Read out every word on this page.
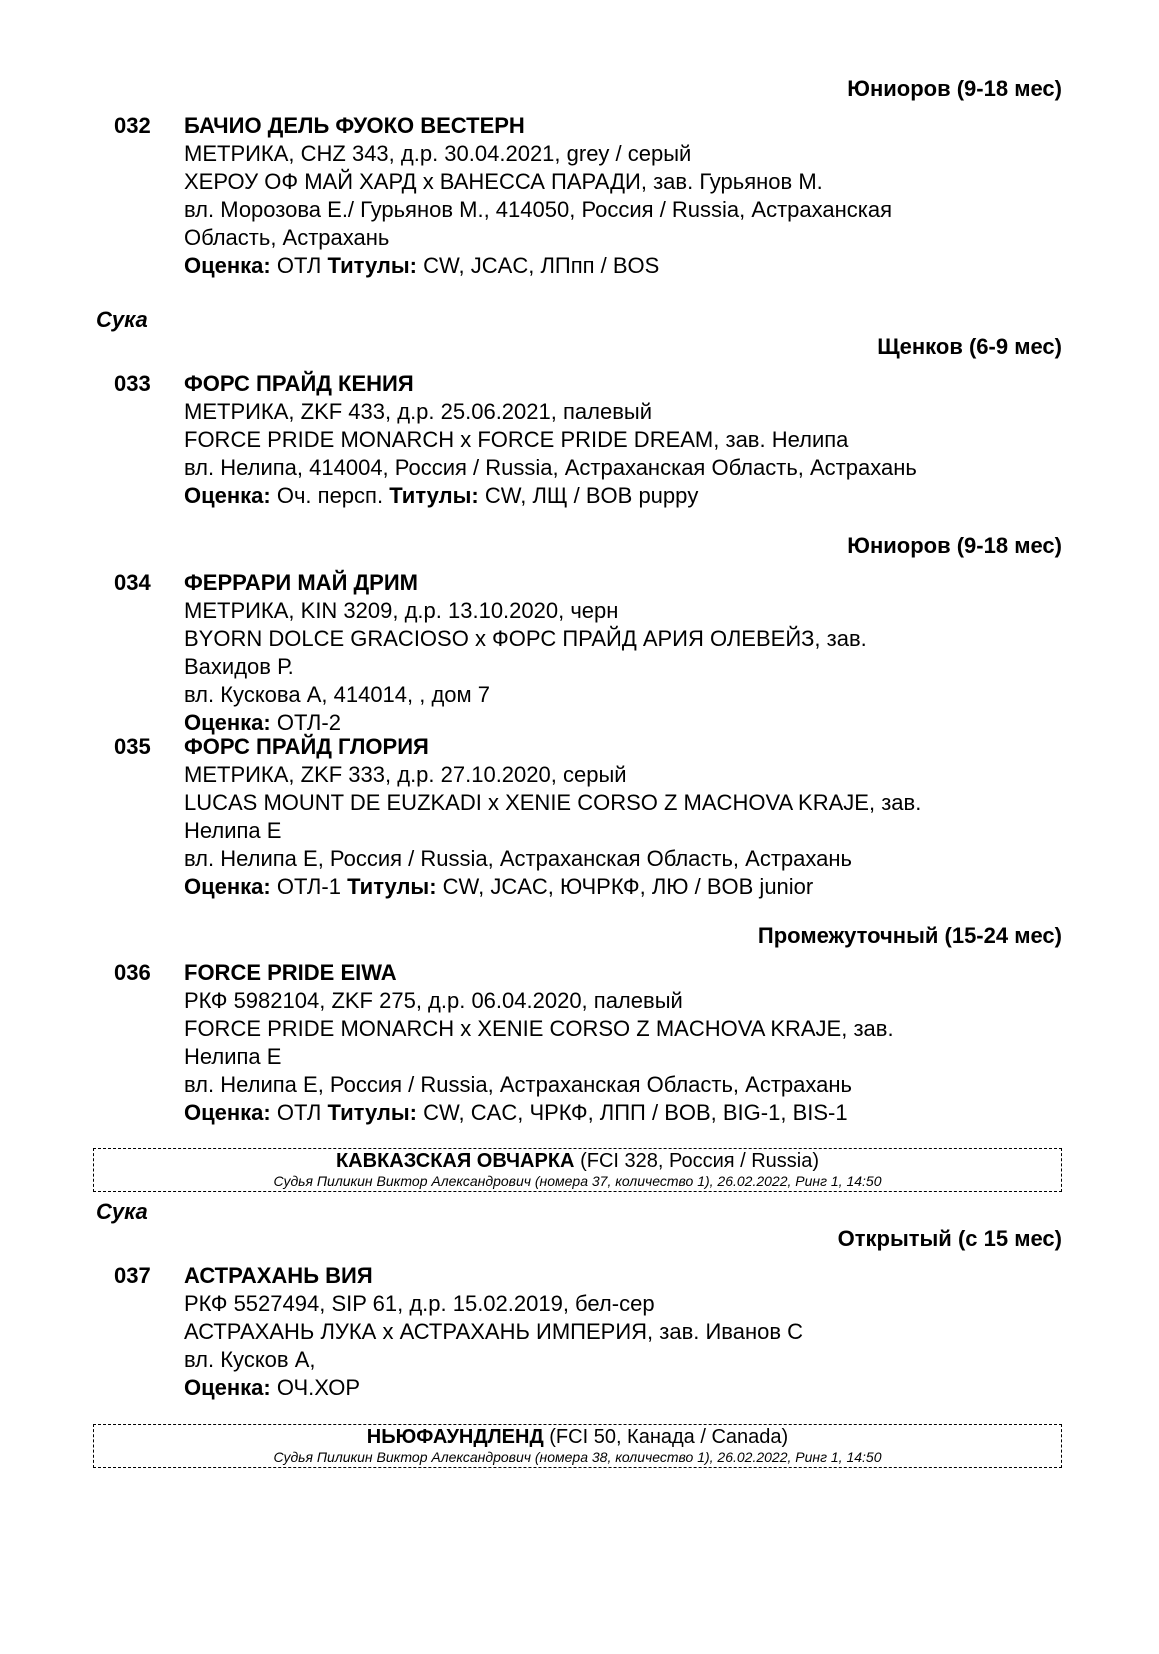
Юниоров (9-18 мес)
032 БАЧИО ДЕЛЬ ФУОКО ВЕСТЕРН
МЕТРИКА, CHZ 343, д.р. 30.04.2021, grey / серый
ХЕРОУ ОФ МАЙ ХАРД x ВАНЕССА ПАРАДИ, зав. Гурьянов М.
вл. Морозова Е./ Гурьянов М., 414050, Россия / Russia, Астраханская
Область, Астрахань
Оценка: ОТЛ Титулы: CW, JCAC, ЛПпп / BOS
Сука
Щенков (6-9 мес)
033 ФОРС ПРАЙД КЕНИЯ
МЕТРИКА, ZKF 433, д.р. 25.06.2021, палевый
FORCE PRIDE MONARCH x FORCE PRIDE DREAM, зав. Нелипа
вл. Нелипа, 414004, Россия / Russia, Астраханская Область, Астрахань
Оценка: Оч. персп. Титулы: CW, ЛЩ / BOB puppy
Юниоров (9-18 мес)
034 ФЕРРАРИ МАЙ ДРИМ
МЕТРИКА, KIN 3209, д.р. 13.10.2020, черн
BYORN DOLCE GRACIOSO x ФОРС ПРАЙД АРИЯ ОЛЕВЕЙЗ, зав.
Вахидов Р.
вл. Кускова А, 414014, , дом 7
Оценка: ОТЛ-2
035 ФОРС ПРАЙД ГЛОРИЯ
МЕТРИКА, ZKF 333, д.р. 27.10.2020, серый
LUCAS MOUNT DE EUZKADI x XENIE CORSO Z MACHOVA KRAJE, зав.
Нелипа Е
вл. Нелипа Е, Россия / Russia, Астраханская Область, Астрахань
Оценка: ОТЛ-1 Титулы: CW, JCAC, ЮЧРКФ, ЛЮ / BOB junior
Промежуточный (15-24 мес)
036 FORCE PRIDE EIWA
РКФ 5982104, ZKF 275, д.р. 06.04.2020, палевый
FORCE PRIDE MONARCH x XENIE CORSO Z MACHOVA KRAJE, зав.
Нелипа Е
вл. Нелипа Е, Россия / Russia, Астраханская Область, Астрахань
Оценка: ОТЛ Титулы: CW, CAC, ЧРКФ, ЛПП / BOB, BIG-1, BIS-1
КАВКАЗСКАЯ ОВЧАРКА (FCI 328, Россия / Russia)
Судья Пиликин Виктор Александрович (номера 37, количество 1), 26.02.2022, Ринг 1, 14:50
Сука
Открытый (с 15 мес)
037 АСТРАХАНЬ ВИЯ
РКФ 5527494, SIP 61, д.р. 15.02.2019, бел-сер
АСТРАХАНЬ ЛУКА x АСТРАХАНЬ ИМПЕРИЯ, зав. Иванов С
вл. Кусков А,
Оценка: ОЧ.ХОР
НЬЮФАУНДЛЕНД (FCI 50, Канада / Canada)
Судья Пиликин Виктор Александрович (номера 38, количество 1), 26.02.2022, Ринг 1, 14:50
